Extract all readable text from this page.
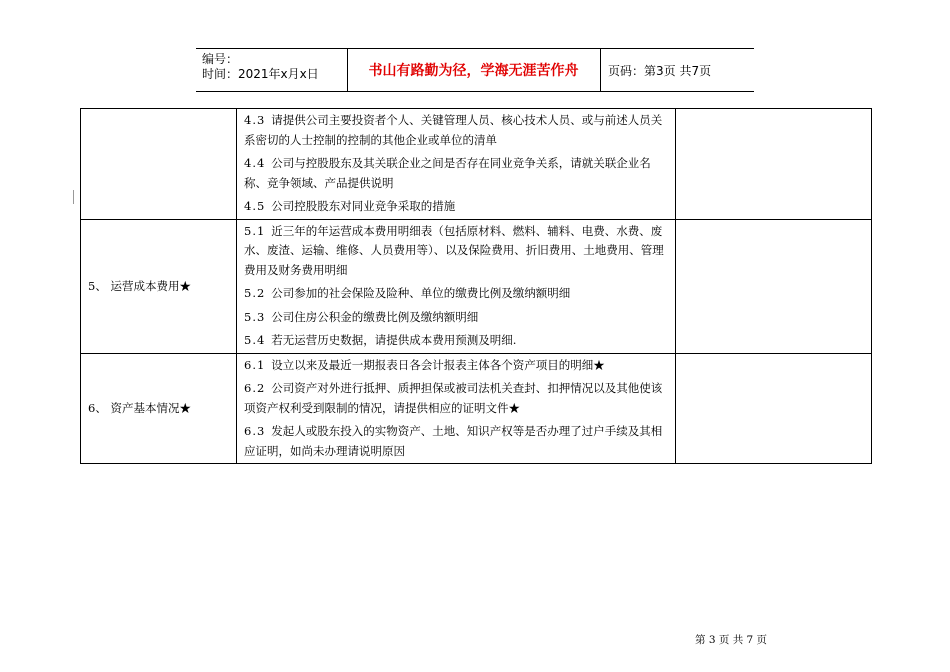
编号：
时间：2021年x月x日	书山有路勤为径，学海无涯苦作舟	页码：第3页 共7页

	4.3 请提供公司主要投资者个人、关键管理人员、核心技术人员、或与前述人员关系密切的人士控制的控制的其他企业或单位的清单

4.4 公司与控股股东及其关联企业之间是否存在同业竞争关系，请就关联企业名称、竞争领域、产品提供说明

4.5 公司控股股东对同业竞争采取的措施	

5、 运营成本费用★	5.1 近三年的年运营成本费用明细表（包括原材料、燃料、辅料、电费、水费、废水、废渣、运输、维修、人员费用等）、以及保险费用、折旧费用、土地费用、管理费用及财务费用明细

5.2 公司参加的社会保险及险种、单位的缴费比例及缴纳额明细

5.3 公司住房公积金的缴费比例及缴纳额明细

5.4 若无运营历史数据，请提供成本费用预测及明细.	

6、 资产基本情况★	6.1 设立以来及最近一期报表日各会计报表主体各个资产项目的明细★

6.2 公司资产对外进行抵押、质押担保或被司法机关查封、扣押情况以及其他使该项资产权利受到限制的情况，请提供相应的证明文件★

6.3 发起人或股东投入的实物资产、土地、知识产权等是否办理了过户手续及其相应证明，如尚未办理请说明原因	

第 3 页 共 7 页
